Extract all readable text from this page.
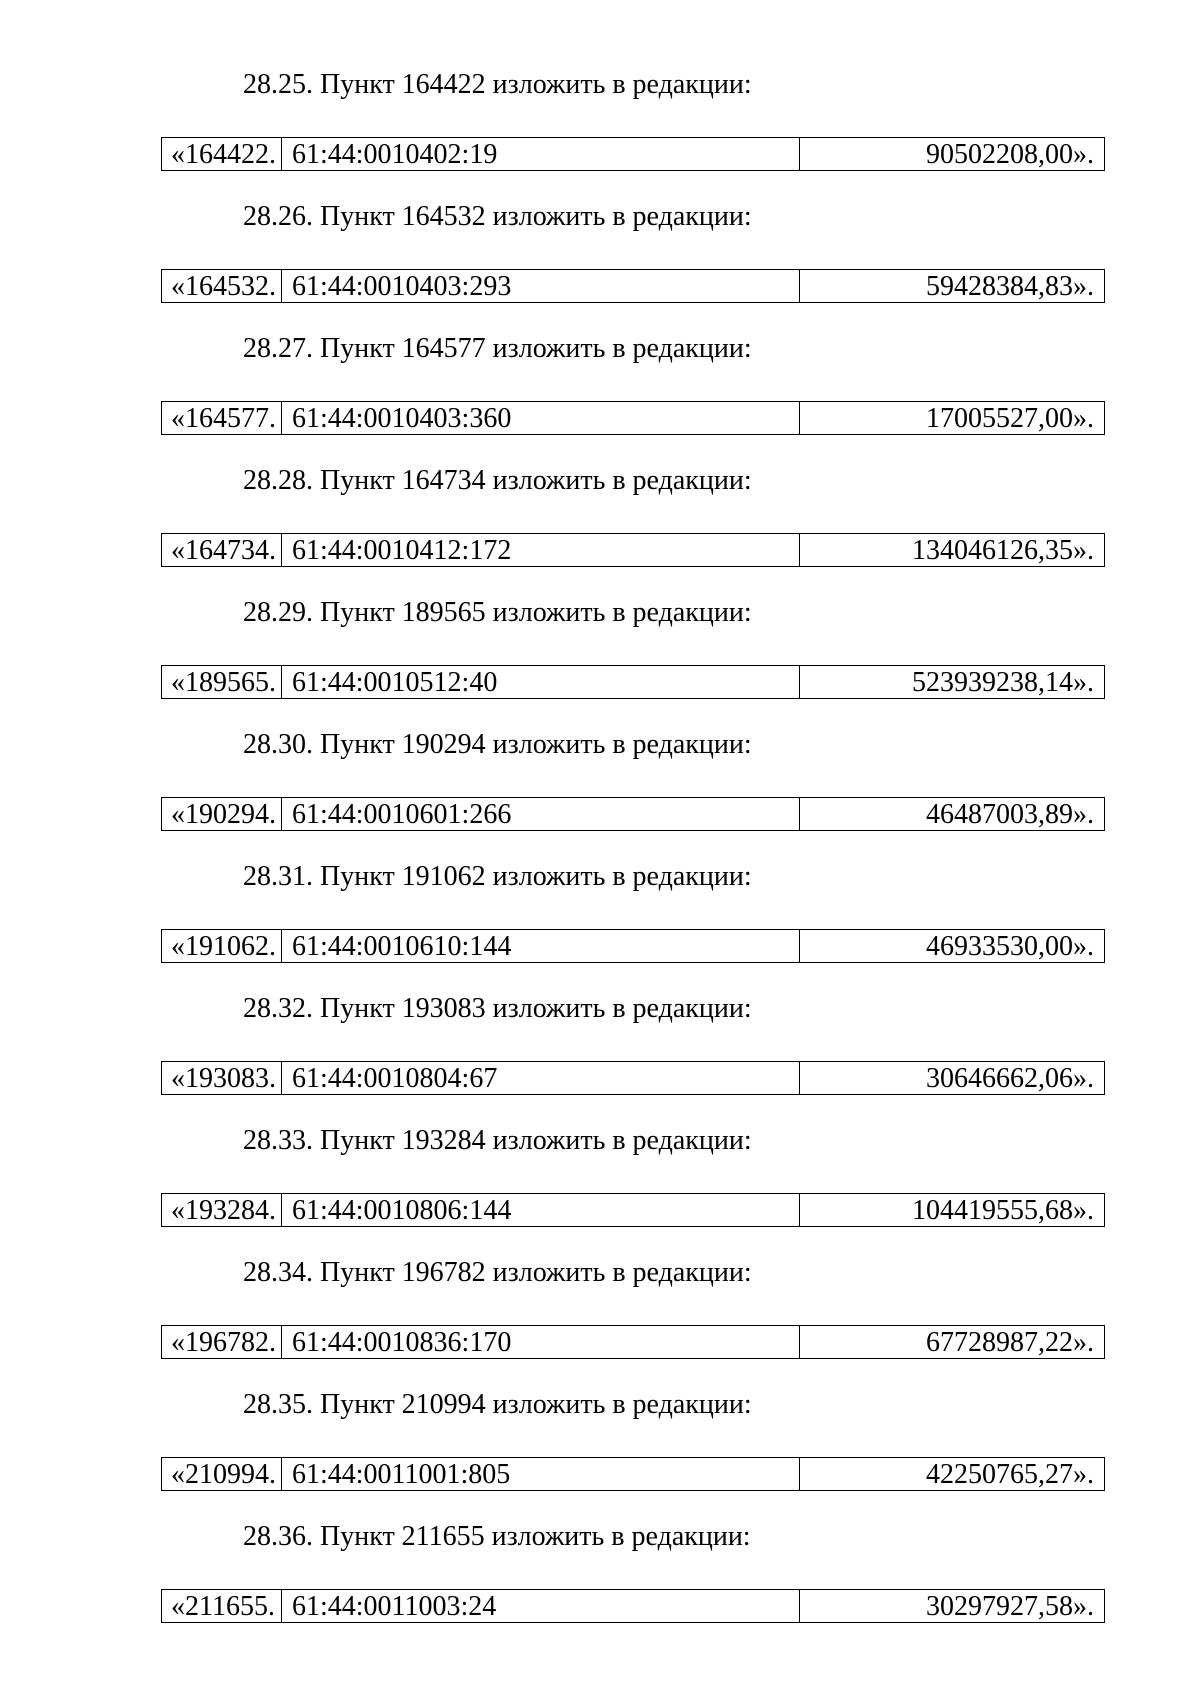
28.25. Пункт 164422 изложить в редакции:

«164422.	61:44:0010402:19	90502208,00».

28.26. Пункт 164532 изложить в редакции:

«164532.	61:44:0010403:293	59428384,83».

28.27. Пункт 164577 изложить в редакции:

«164577.	61:44:0010403:360	17005527,00».

28.28. Пункт 164734 изложить в редакции:

«164734.	61:44:0010412:172	134046126,35».

28.29. Пункт 189565 изложить в редакции:

«189565.	61:44:0010512:40	523939238,14».

28.30. Пункт 190294 изложить в редакции:

«190294.	61:44:0010601:266	46487003,89».

28.31. Пункт 191062 изложить в редакции:

«191062.	61:44:0010610:144	46933530,00».

28.32. Пункт 193083 изложить в редакции:

«193083.	61:44:0010804:67	30646662,06».

28.33. Пункт 193284 изложить в редакции:

«193284.	61:44:0010806:144	104419555,68».

28.34. Пункт 196782 изложить в редакции:

«196782.	61:44:0010836:170	67728987,22».

28.35. Пункт 210994 изложить в редакции:

«210994.	61:44:0011001:805	42250765,27».

28.36. Пункт 211655 изложить в редакции:

«211655.	61:44:0011003:24	30297927,58».
